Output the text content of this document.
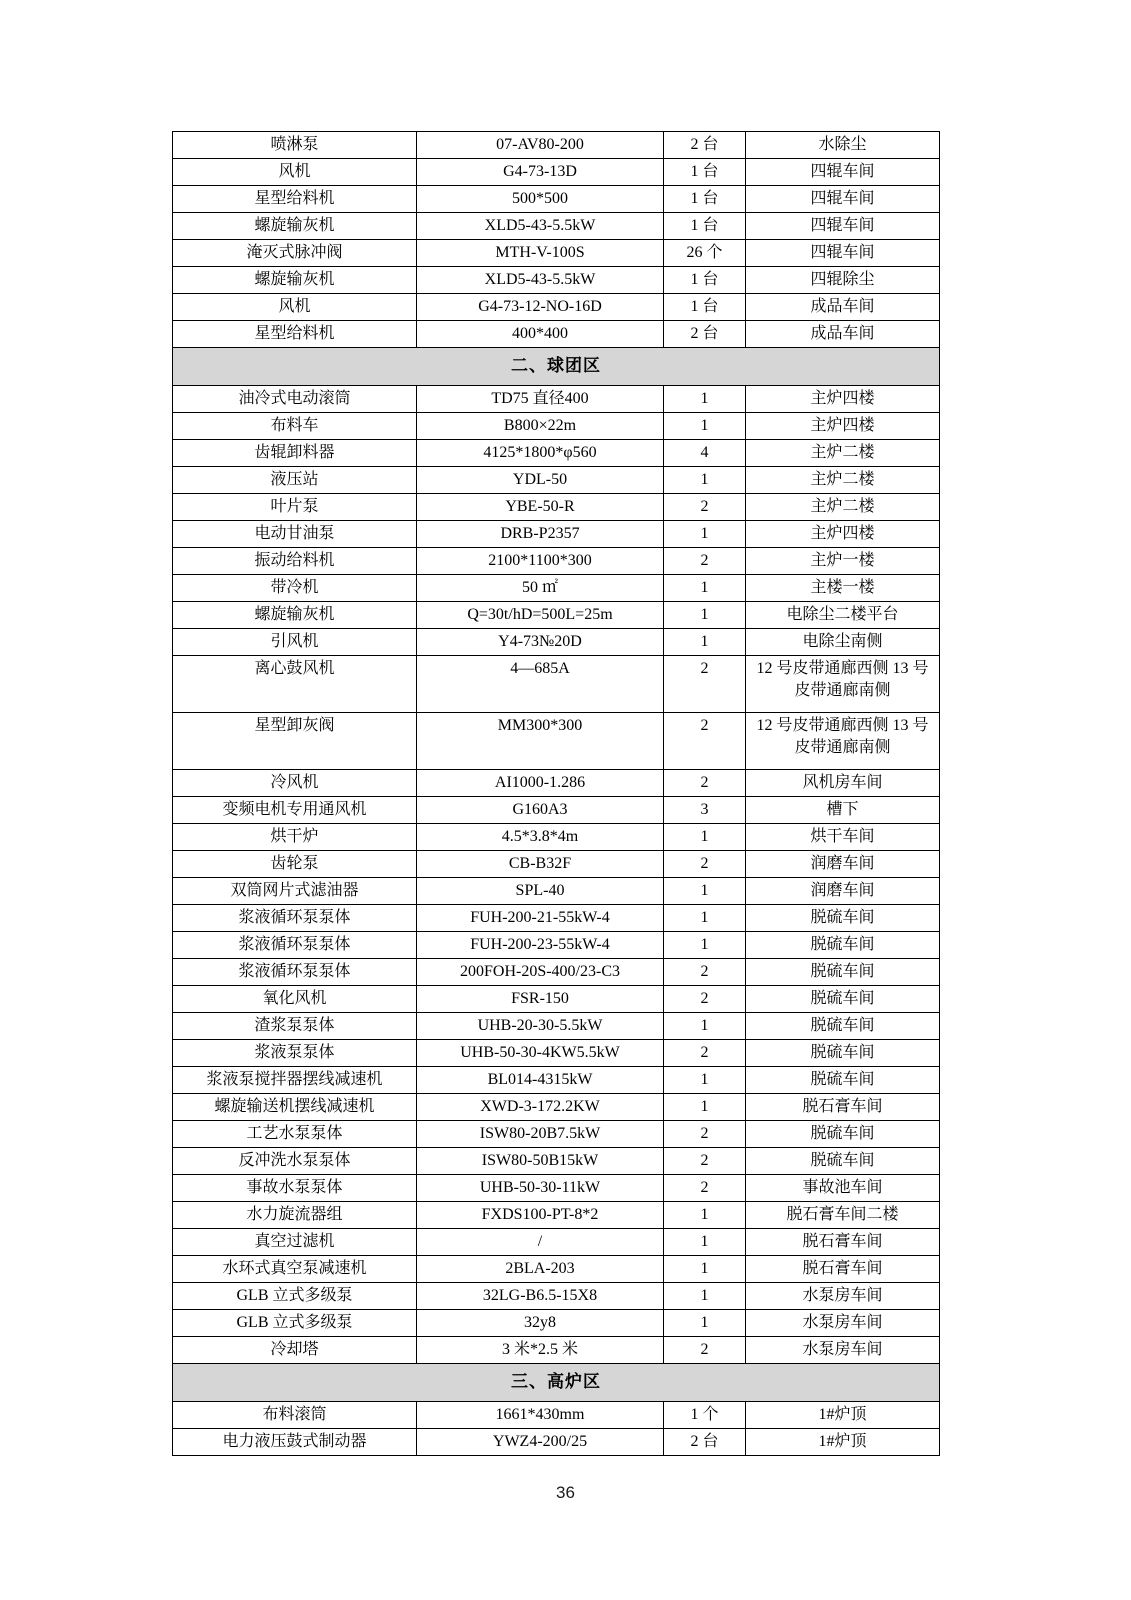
喷淋泵	07-AV80-200	2 台	水除尘
风机	G4-73-13D	1 台	四辊车间
星型给料机	500*500	1 台	四辊车间
螺旋输灰机	XLD5-43-5.5kW	1 台	四辊车间
淹灭式脉冲阀	MTH-V-100S	26 个	四辊车间
螺旋输灰机	XLD5-43-5.5kW	1 台	四辊除尘
风机	G4-73-12-NO-16D	1 台	成品车间
星型给料机	400*400	2 台	成品车间
二、球团区			
油冷式电动滚筒	TD75 直径400	1	主炉四楼
布料车	B800×22m	1	主炉四楼
齿辊卸料器	4125*1800*φ560	4	主炉二楼
液压站	YDL-50	1	主炉二楼
叶片泵	YBE-50-R	2	主炉二楼
电动甘油泵	DRB-P2357	1	主炉四楼
振动给料机	2100*1100*300	2	主炉一楼
带冷机	50 ㎡	1	主楼一楼
螺旋输灰机	Q=30t/hD=500L=25m	1	电除尘二楼平台
引风机	Y4-73№20D	1	电除尘南侧
离心鼓风机	4—685A	2	12 号皮带通廊西侧 13 号皮带通廊南侧
星型卸灰阀	MM300*300	2	12 号皮带通廊西侧 13 号皮带通廊南侧
冷风机	AI1000-1.286	2	风机房车间
变频电机专用通风机	G160A3	3	槽下
烘干炉	4.5*3.8*4m	1	烘干车间
齿轮泵	CB-B32F	2	润磨车间
双筒网片式滤油器	SPL-40	1	润磨车间
浆液循环泵泵体	FUH-200-21-55kW-4	1	脱硫车间
浆液循环泵泵体	FUH-200-23-55kW-4	1	脱硫车间
浆液循环泵泵体	200FOH-20S-400/23-C3	2	脱硫车间
氧化风机	FSR-150	2	脱硫车间
渣浆泵泵体	UHB-20-30-5.5kW	1	脱硫车间
浆液泵泵体	UHB-50-30-4KW5.5kW	2	脱硫车间
浆液泵搅拌器摆线减速机	BL014-4315kW	1	脱硫车间
螺旋输送机摆线减速机	XWD-3-172.2KW	1	脱石膏车间
工艺水泵泵体	ISW80-20B7.5kW	2	脱硫车间
反冲洗水泵泵体	ISW80-50B15kW	2	脱硫车间
事故水泵泵体	UHB-50-30-11kW	2	事故池车间
水力旋流器组	FXDS100-PT-8*2	1	脱石膏车间二楼
真空过滤机	/	1	脱石膏车间
水环式真空泵减速机	2BLA-203	1	脱石膏车间
GLB 立式多级泵	32LG-B6.5-15X8	1	水泵房车间
GLB 立式多级泵	32y8	1	水泵房车间
冷却塔	3 米*2.5 米	2	水泵房车间
三、高炉区			
布料滚筒	1661*430mm	1 个	1#炉顶
电力液压鼓式制动器	YWZ4-200/25	2 台	1#炉顶
36
